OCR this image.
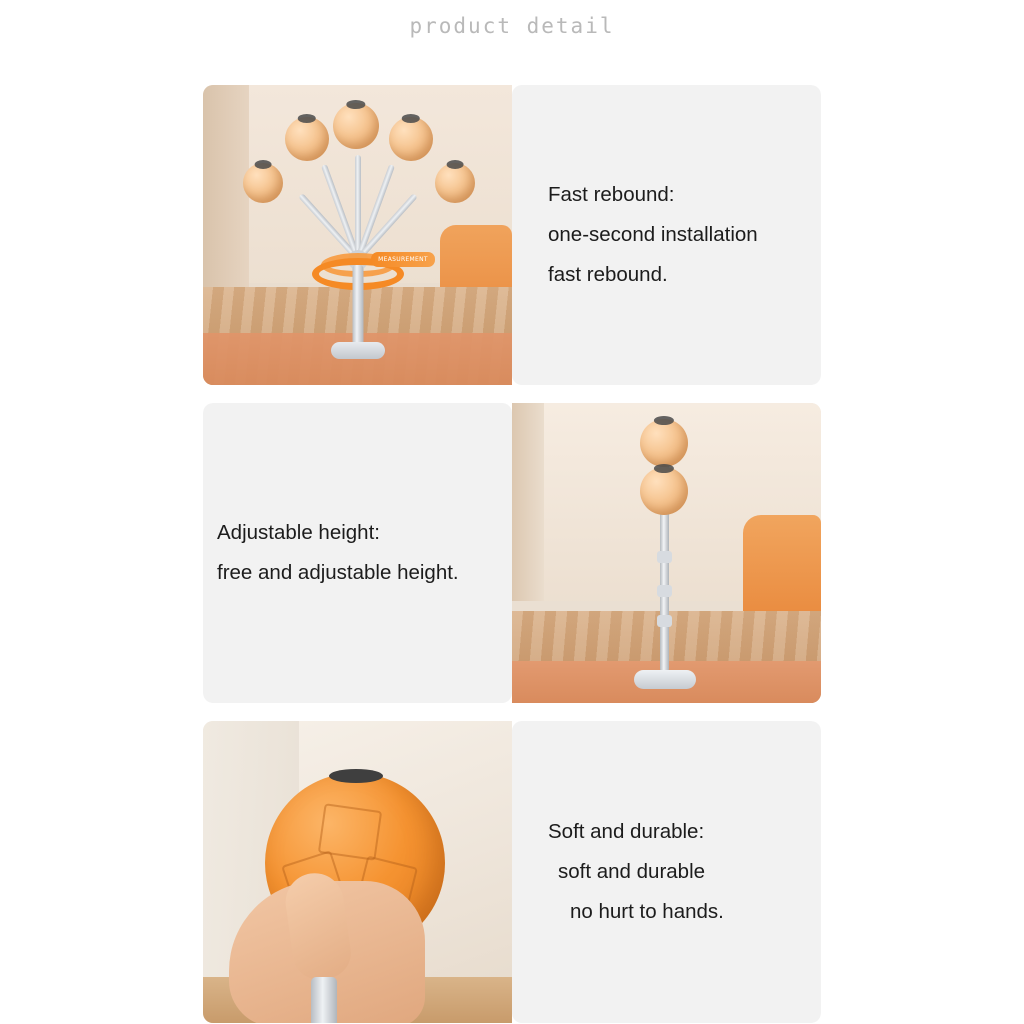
product detail
MEASUREMENT

Fast rebound:

one-second installation

fast rebound.

Adjustable height:

free and adjustable height.

Soft and durable:

soft and durable

no hurt to hands.
